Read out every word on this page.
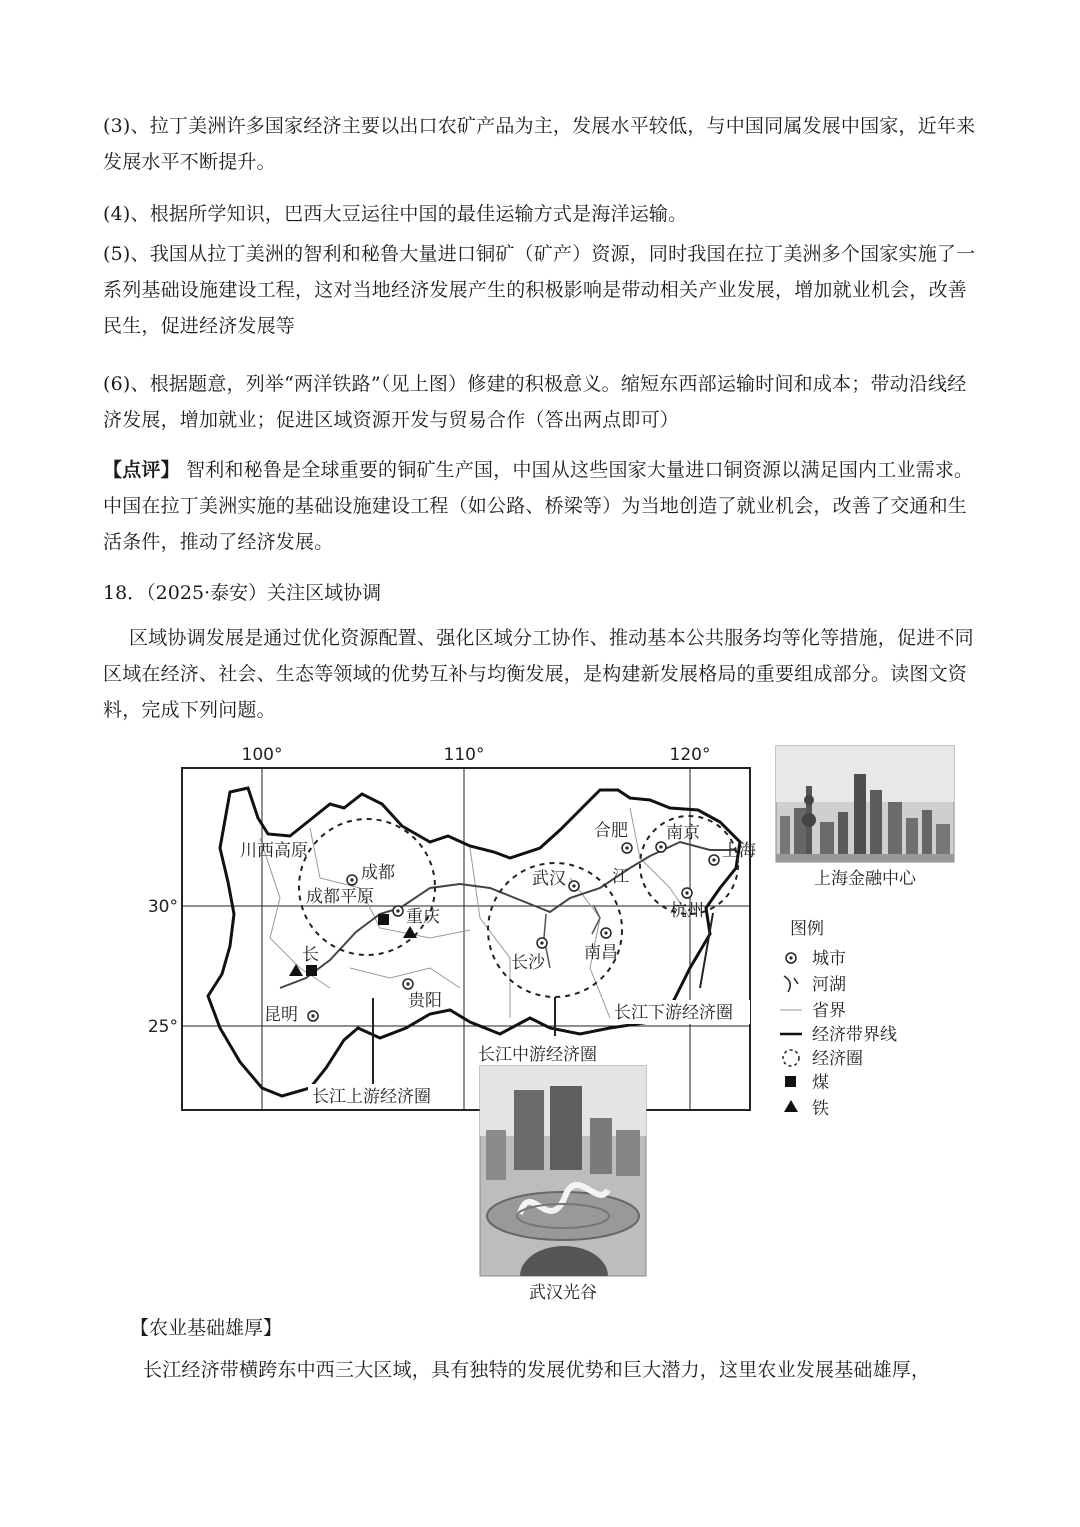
(3)、拉丁美洲许多国家经济主要以出口农矿产品为主，发展水平较低，与中国同属发展中国家，近年来发展水平不断提升。

(4)、根据所学知识，巴西大豆运往中国的最佳运输方式是海洋运输。

(5)、我国从拉丁美洲的智利和秘鲁大量进口铜矿（矿产）资源，同时我国在拉丁美洲多个国家实施了一系列基础设施建设工程，这对当地经济发展产生的积极影响是带动相关产业发展，增加就业机会，改善民生，促进经济发展等

(6)、根据题意，列举“两洋铁路”（见上图）修建的积极意义。缩短东西部运输时间和成本；带动沿线经济发展，增加就业；促进区域资源开发与贸易合作（答出两点即可）

【点评】 智利和秘鲁是全球重要的铜矿生产国，中国从这些国家大量进口铜资源以满足国内工业需求。中国在拉丁美洲实施的基础设施建设工程（如公路、桥梁等）为当地创造了就业机会，改善了交通和生活条件，推动了经济发展。

18．（2025·泰安）关注区域协调

区域协调发展是通过优化资源配置、强化区域分工协作、推动基本公共服务均等化等措施，促进不同区域在经济、社会、生态等领域的优势互补与均衡发展，是构建新发展格局的重要组成部分。读图文资料，完成下列问题。

100°	110°	120°
30°
25°
川西高原
成都
成都平原
重庆
长
昆明
贵阳
武汉	江
长沙 南昌
合肥 南京
上海
杭州
长江上游经济圈
长江中游经济圈
长江下游经济圈
上海金融中心
图例
城市
河湖
省界
经济带界线
经济圈
煤
铁
武汉光谷
【农业基础雄厚】

长江经济带横跨东中西三大区域，具有独特的发展优势和巨大潜力，这里农业发展基础雄厚，
